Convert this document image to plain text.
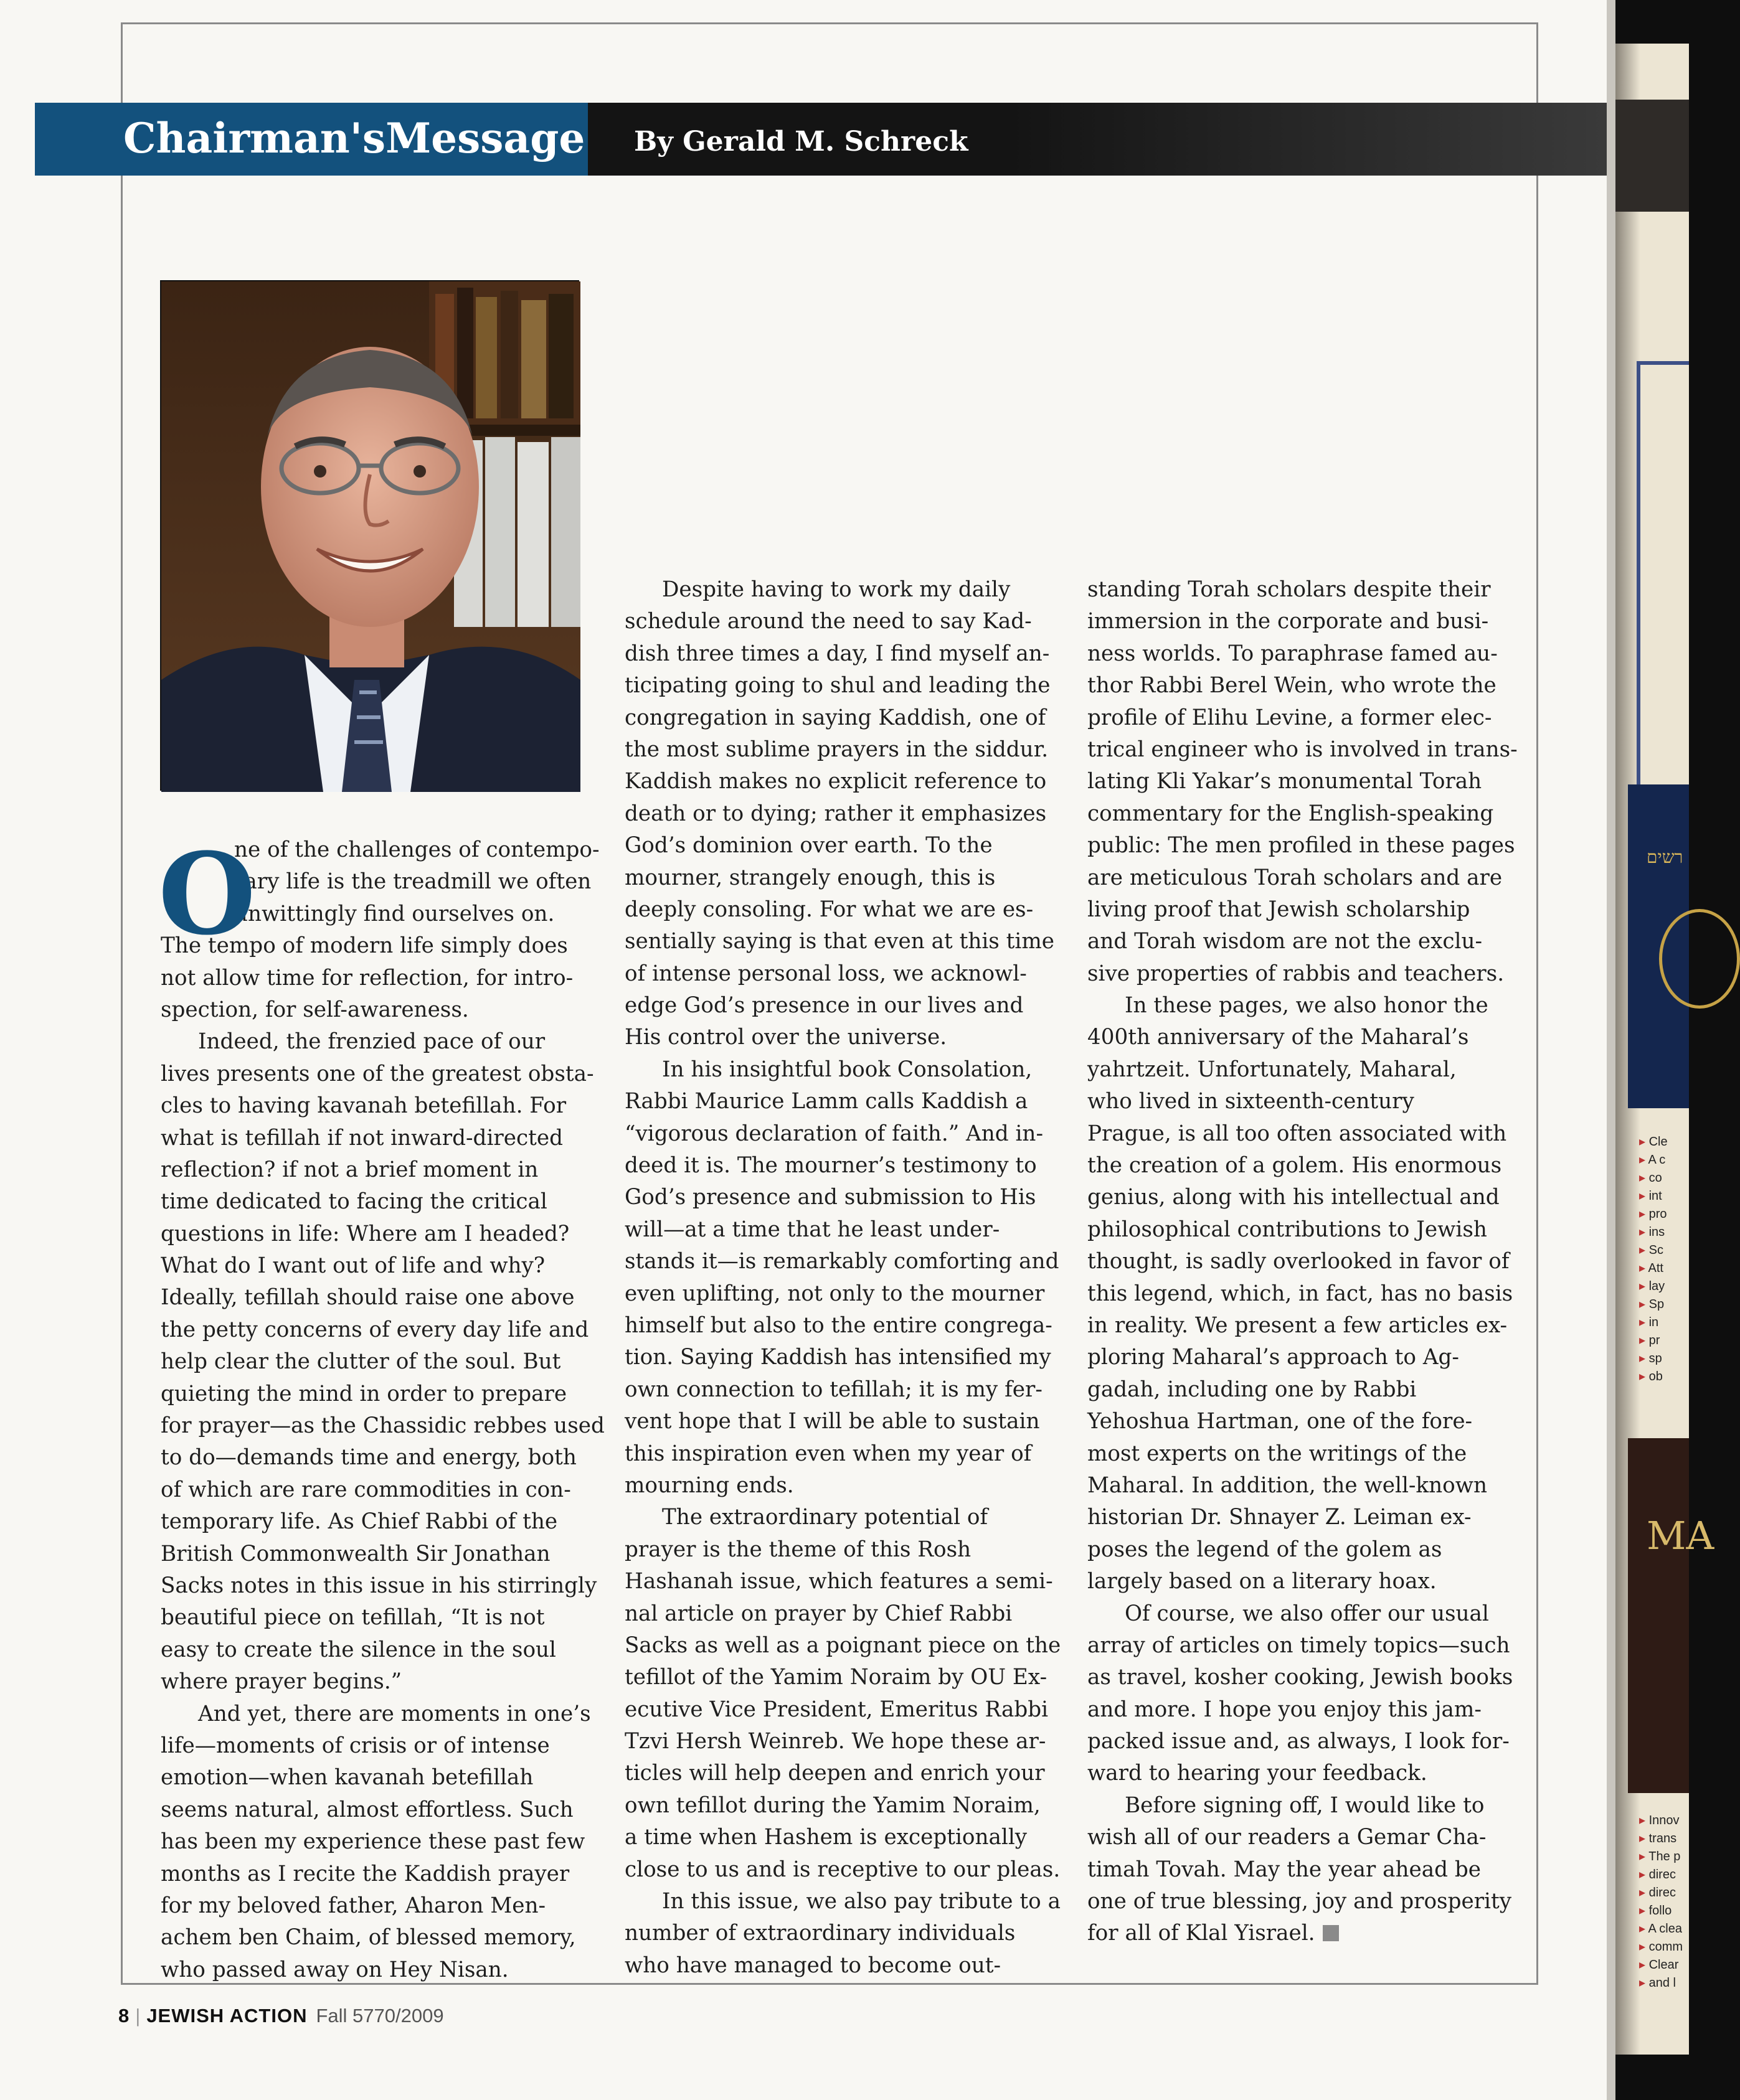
רשים
▸ Cle
▸ A c
▸ co
▸ int
▸ pro
▸ ins
▸ Sc
▸ Att
▸ lay
▸ Sp
▸ in
▸ pr
▸ sp
▸ ob
MA
▸ Innov
▸ trans
▸ The p
▸ direc
▸ direc
▸ follo
▸ A clea
▸ comm
▸ Clear
▸ and l
Chairman'sMessage By Gerald M. Schreck
O
ne of the challenges of contempo-
rary life is the treadmill we often
unwittingly find ourselves on.
The tempo of modern life simply does
not allow time for reflection, for intro-
spection, for self-awareness.
Indeed, the frenzied pace of our
lives presents one of the greatest obsta-
cles to having kavanah betefillah. For
what is tefillah if not inward-directed
reflection? if not a brief moment in
time dedicated to facing the critical
questions in life: Where am I headed?
What do I want out of life and why?
Ideally, tefillah should raise one above
the petty concerns of every day life and
help clear the clutter of the soul. But
quieting the mind in order to prepare
for prayer—as the Chassidic rebbes used
to do—demands time and energy, both
of which are rare commodities in con-
temporary life. As Chief Rabbi of the
British Commonwealth Sir Jonathan
Sacks notes in this issue in his stirringly
beautiful piece on tefillah, “It is not
easy to create the silence in the soul
where prayer begins.”
And yet, there are moments in one’s
life—moments of crisis or of intense
emotion—when kavanah betefillah
seems natural, almost effortless. Such
has been my experience these past few
months as I recite the Kaddish prayer
for my beloved father, Aharon Men-
achem ben Chaim, of blessed memory,
who passed away on Hey Nisan.
Despite having to work my daily
schedule around the need to say Kad-
dish three times a day, I find myself an-
ticipating going to shul and leading the
congregation in saying Kaddish, one of
the most sublime prayers in the siddur.
Kaddish makes no explicit reference to
death or to dying; rather it emphasizes
God’s dominion over earth. To the
mourner, strangely enough, this is
deeply consoling. For what we are es-
sentially saying is that even at this time
of intense personal loss, we acknowl-
edge God’s presence in our lives and
His control over the universe.
In his insightful book Consolation,
Rabbi Maurice Lamm calls Kaddish a
“vigorous declaration of faith.” And in-
deed it is. The mourner’s testimony to
God’s presence and submission to His
will—at a time that he least under-
stands it—is remarkably comforting and
even uplifting, not only to the mourner
himself but also to the entire congrega-
tion. Saying Kaddish has intensified my
own connection to tefillah; it is my fer-
vent hope that I will be able to sustain
this inspiration even when my year of
mourning ends.
The extraordinary potential of
prayer is the theme of this Rosh
Hashanah issue, which features a semi-
nal article on prayer by Chief Rabbi
Sacks as well as a poignant piece on the
tefillot of the Yamim Noraim by OU Ex-
ecutive Vice President, Emeritus Rabbi
Tzvi Hersh Weinreb. We hope these ar-
ticles will help deepen and enrich your
own tefillot during the Yamim Noraim,
a time when Hashem is exceptionally
close to us and is receptive to our pleas.
In this issue, we also pay tribute to a
number of extraordinary individuals
who have managed to become out-
standing Torah scholars despite their
immersion in the corporate and busi-
ness worlds. To paraphrase famed au-
thor Rabbi Berel Wein, who wrote the
profile of Elihu Levine, a former elec-
trical engineer who is involved in trans-
lating Kli Yakar’s monumental Torah
commentary for the English-speaking
public: The men profiled in these pages
are meticulous Torah scholars and are
living proof that Jewish scholarship
and Torah wisdom are not the exclu-
sive properties of rabbis and teachers.
In these pages, we also honor the
400th anniversary of the Maharal’s
yahrtzeit. Unfortunately, Maharal,
who lived in sixteenth-century
Prague, is all too often associated with
the creation of a golem. His enormous
genius, along with his intellectual and
philosophical contributions to Jewish
thought, is sadly overlooked in favor of
this legend, which, in fact, has no basis
in reality. We present a few articles ex-
ploring Maharal’s approach to Ag-
gadah, including one by Rabbi
Yehoshua Hartman, one of the fore-
most experts on the writings of the
Maharal. In addition, the well-known
historian Dr. Shnayer Z. Leiman ex-
poses the legend of the golem as
largely based on a literary hoax.
Of course, we also offer our usual
array of articles on timely topics—such
as travel, kosher cooking, Jewish books
and more. I hope you enjoy this jam-
packed issue and, as always, I look for-
ward to hearing your feedback.
Before signing off, I would like to
wish all of our readers a Gemar Cha-
timah Tovah. May the year ahead be
one of true blessing, joy and prosperity
for all of Klal Yisrael.
8 | JEWISH ACTION Fall 5770/2009
